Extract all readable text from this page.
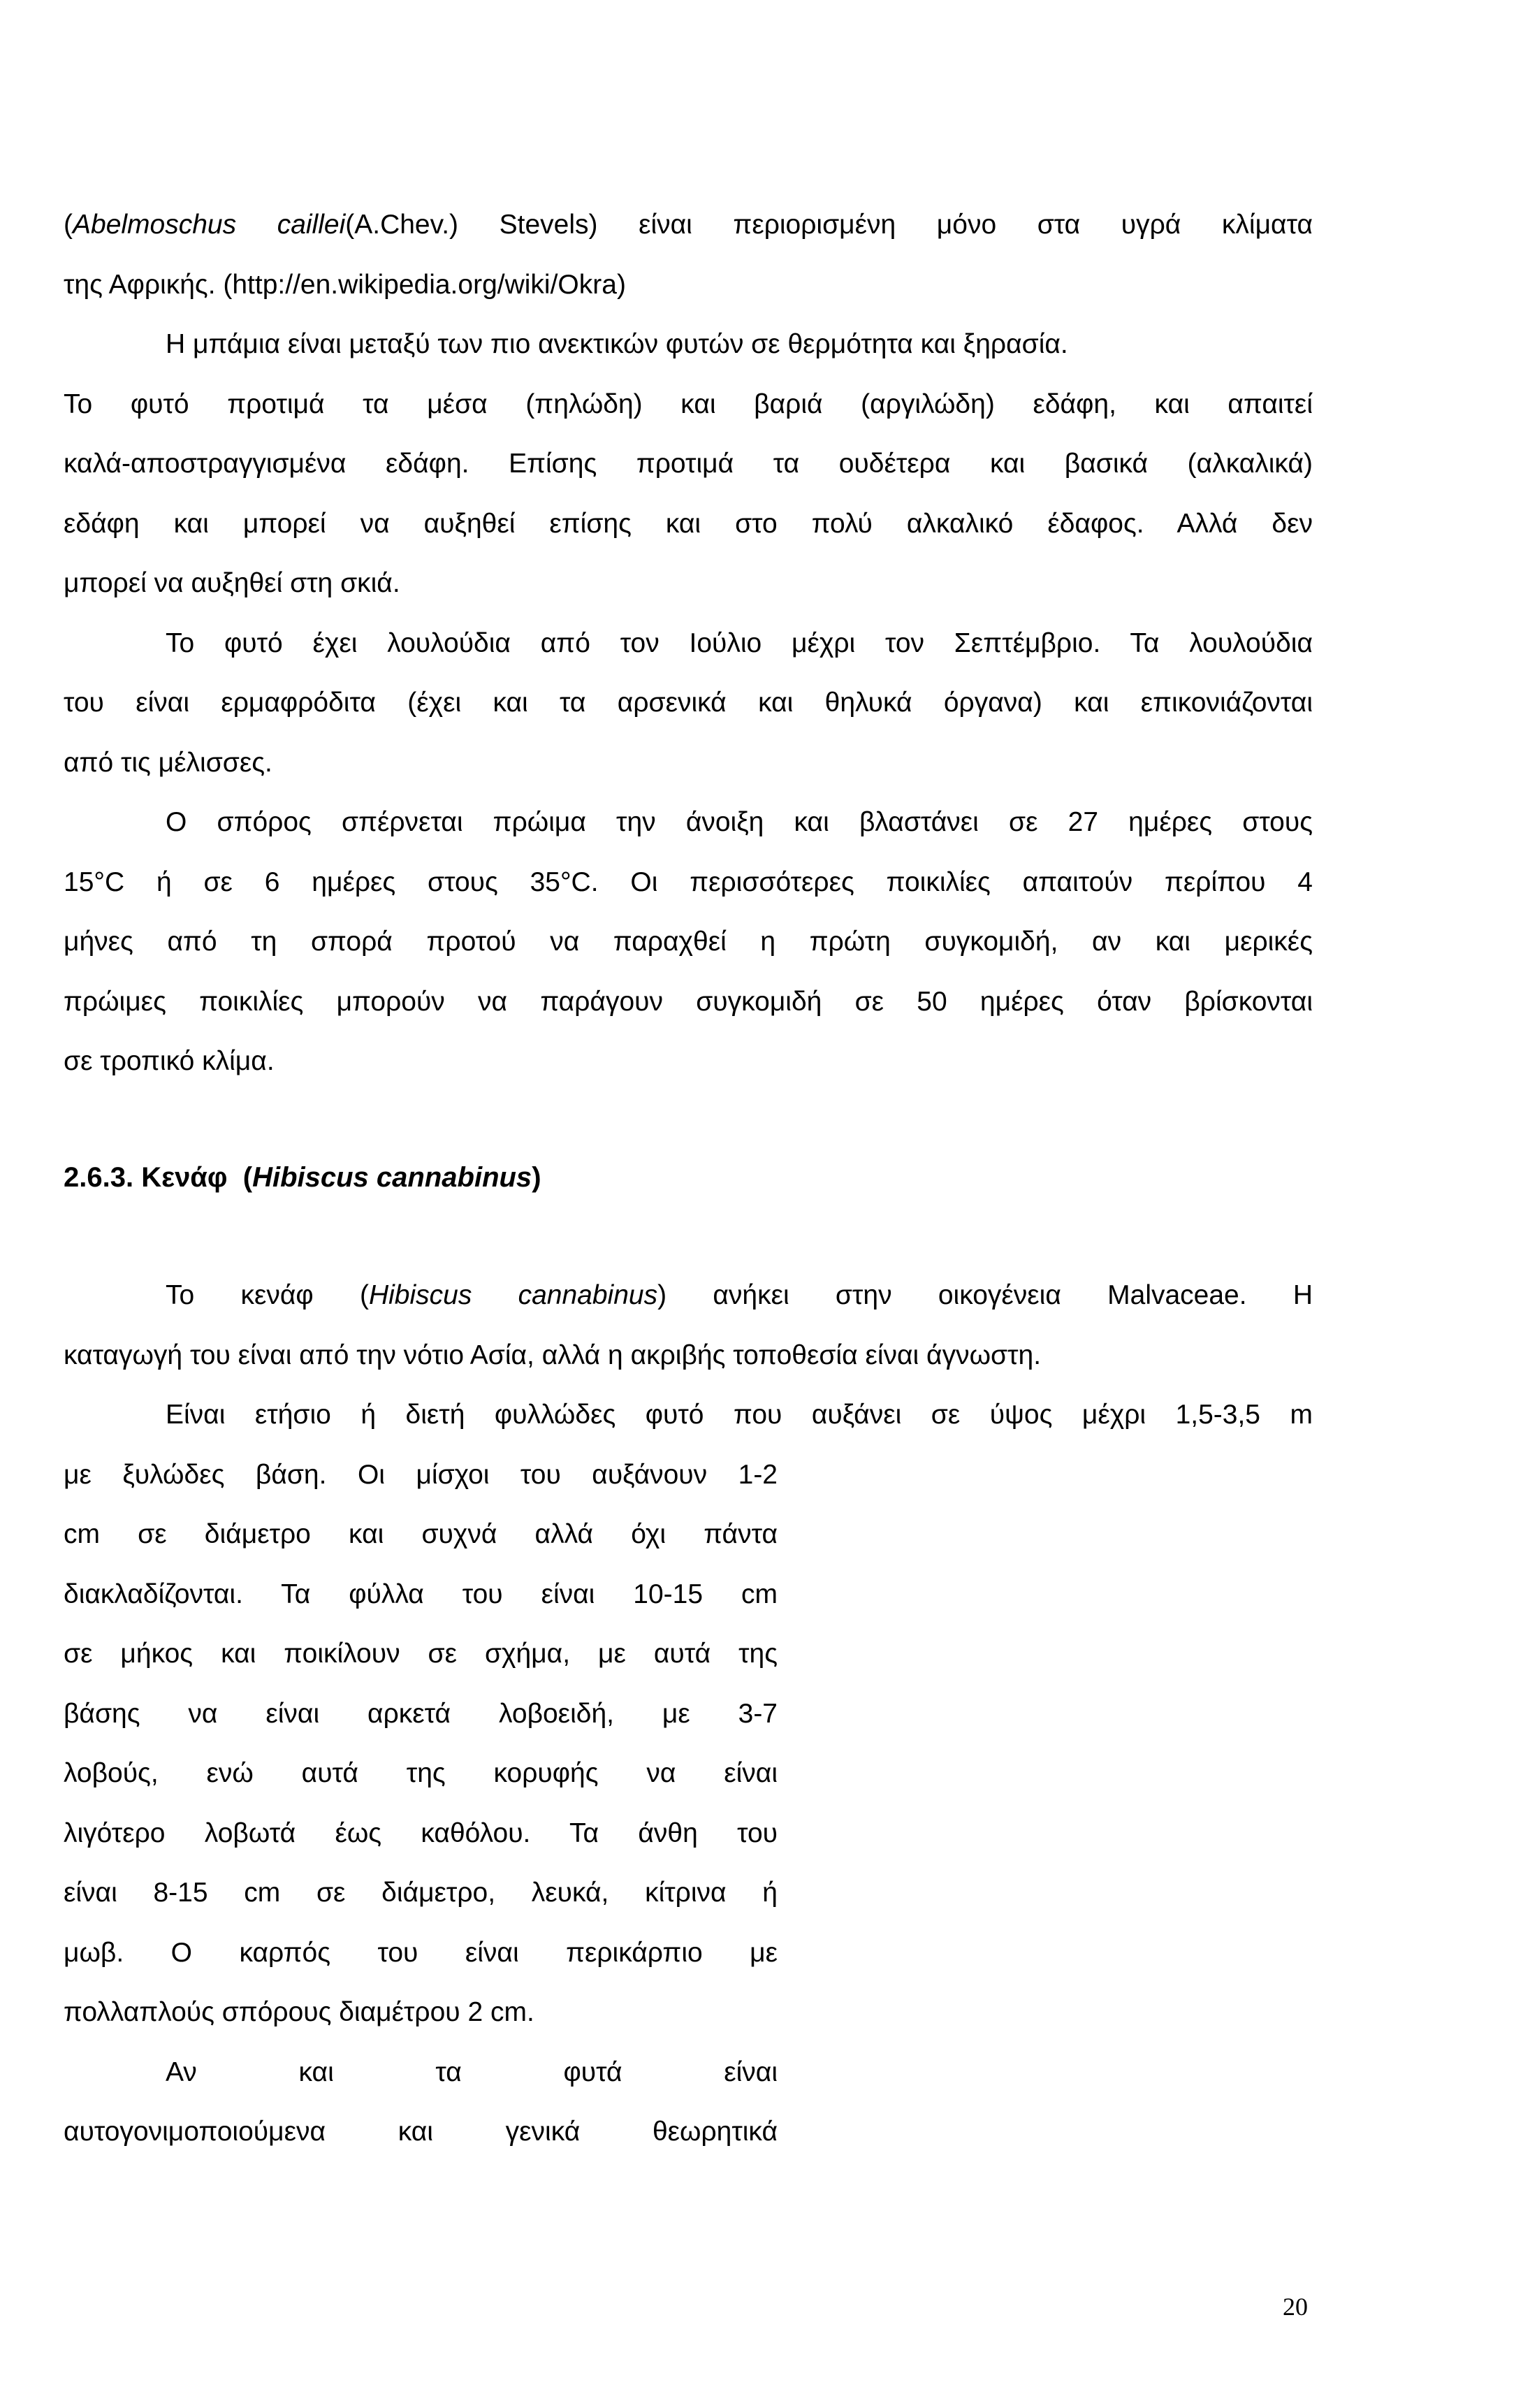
(Abelmoschus caillei(A.Chev.) Stevels) είναι περιορισμένη μόνο στα υγρά κλίματα

της Αφρικής. (http://en.wikipedia.org/wiki/Okra)

Η μπάμια είναι μεταξύ των πιο ανεκτικών φυτών σε θερμότητα και ξηρασία.

Το φυτό προτιμά τα μέσα (πηλώδη) και βαριά (αργιλώδη) εδάφη, και απαιτεί

καλά-αποστραγγισμένα εδάφη. Επίσης προτιμά τα ουδέτερα και βασικά (αλκαλικά)

εδάφη και μπορεί να αυξηθεί επίσης και στο πολύ αλκαλικό έδαφος. Αλλά δεν

μπορεί να αυξηθεί στη σκιά.

Το φυτό έχει λουλούδια από τον Ιούλιο μέχρι τον Σεπτέμβριο. Τα λουλούδια

του είναι ερμαφρόδιτα (έχει και τα αρσενικά και θηλυκά όργανα) και επικονιάζονται

από τις μέλισσες.

Ο σπόρος σπέρνεται πρώιμα την άνοιξη και βλαστάνει σε 27 ημέρες στους

15°C ή σε 6 ημέρες στους 35°C. Οι περισσότερες ποικιλίες απαιτούν περίπου 4

μήνες από τη σπορά προτού να παραχθεί η πρώτη συγκομιδή, αν και μερικές

πρώιμες ποικιλίες μπορούν να παράγουν συγκομιδή σε 50 ημέρες όταν βρίσκονται

σε τροπικό κλίμα.

2.6.3. Κενάφ (Hibiscus cannabinus)

Το κενάφ (Hibiscus cannabinus) ανήκει στην οικογένεια Malvaceae. Η

καταγωγή του είναι από την νότιο Ασία, αλλά η ακριβής τοποθεσία είναι άγνωστη.

Είναι ετήσιο ή διετή φυλλώδες φυτό που αυξάνει σε ύψος μέχρι 1,5-3,5 m

με ξυλώδες βάση. Οι μίσχοι του αυξάνουν 1-2

cm σε διάμετρο και συχνά αλλά όχι πάντα

διακλαδίζονται. Τα φύλλα του είναι 10-15 cm

σε μήκος και ποικίλουν σε σχήμα, με αυτά της

βάσης να είναι αρκετά λοβοειδή, με 3-7

λοβούς, ενώ αυτά της κορυφής να είναι

λιγότερο λοβωτά έως καθόλου. Τα άνθη του

είναι 8-15 cm σε διάμετρο, λευκά, κίτρινα ή

μωβ. Ο καρπός του είναι περικάρπιο με

πολλαπλούς σπόρους διαμέτρου 2 cm.

Αν και τα φυτά είναι

αυτογονιμοποιούμενα και γενικά θεωρητικά

20
